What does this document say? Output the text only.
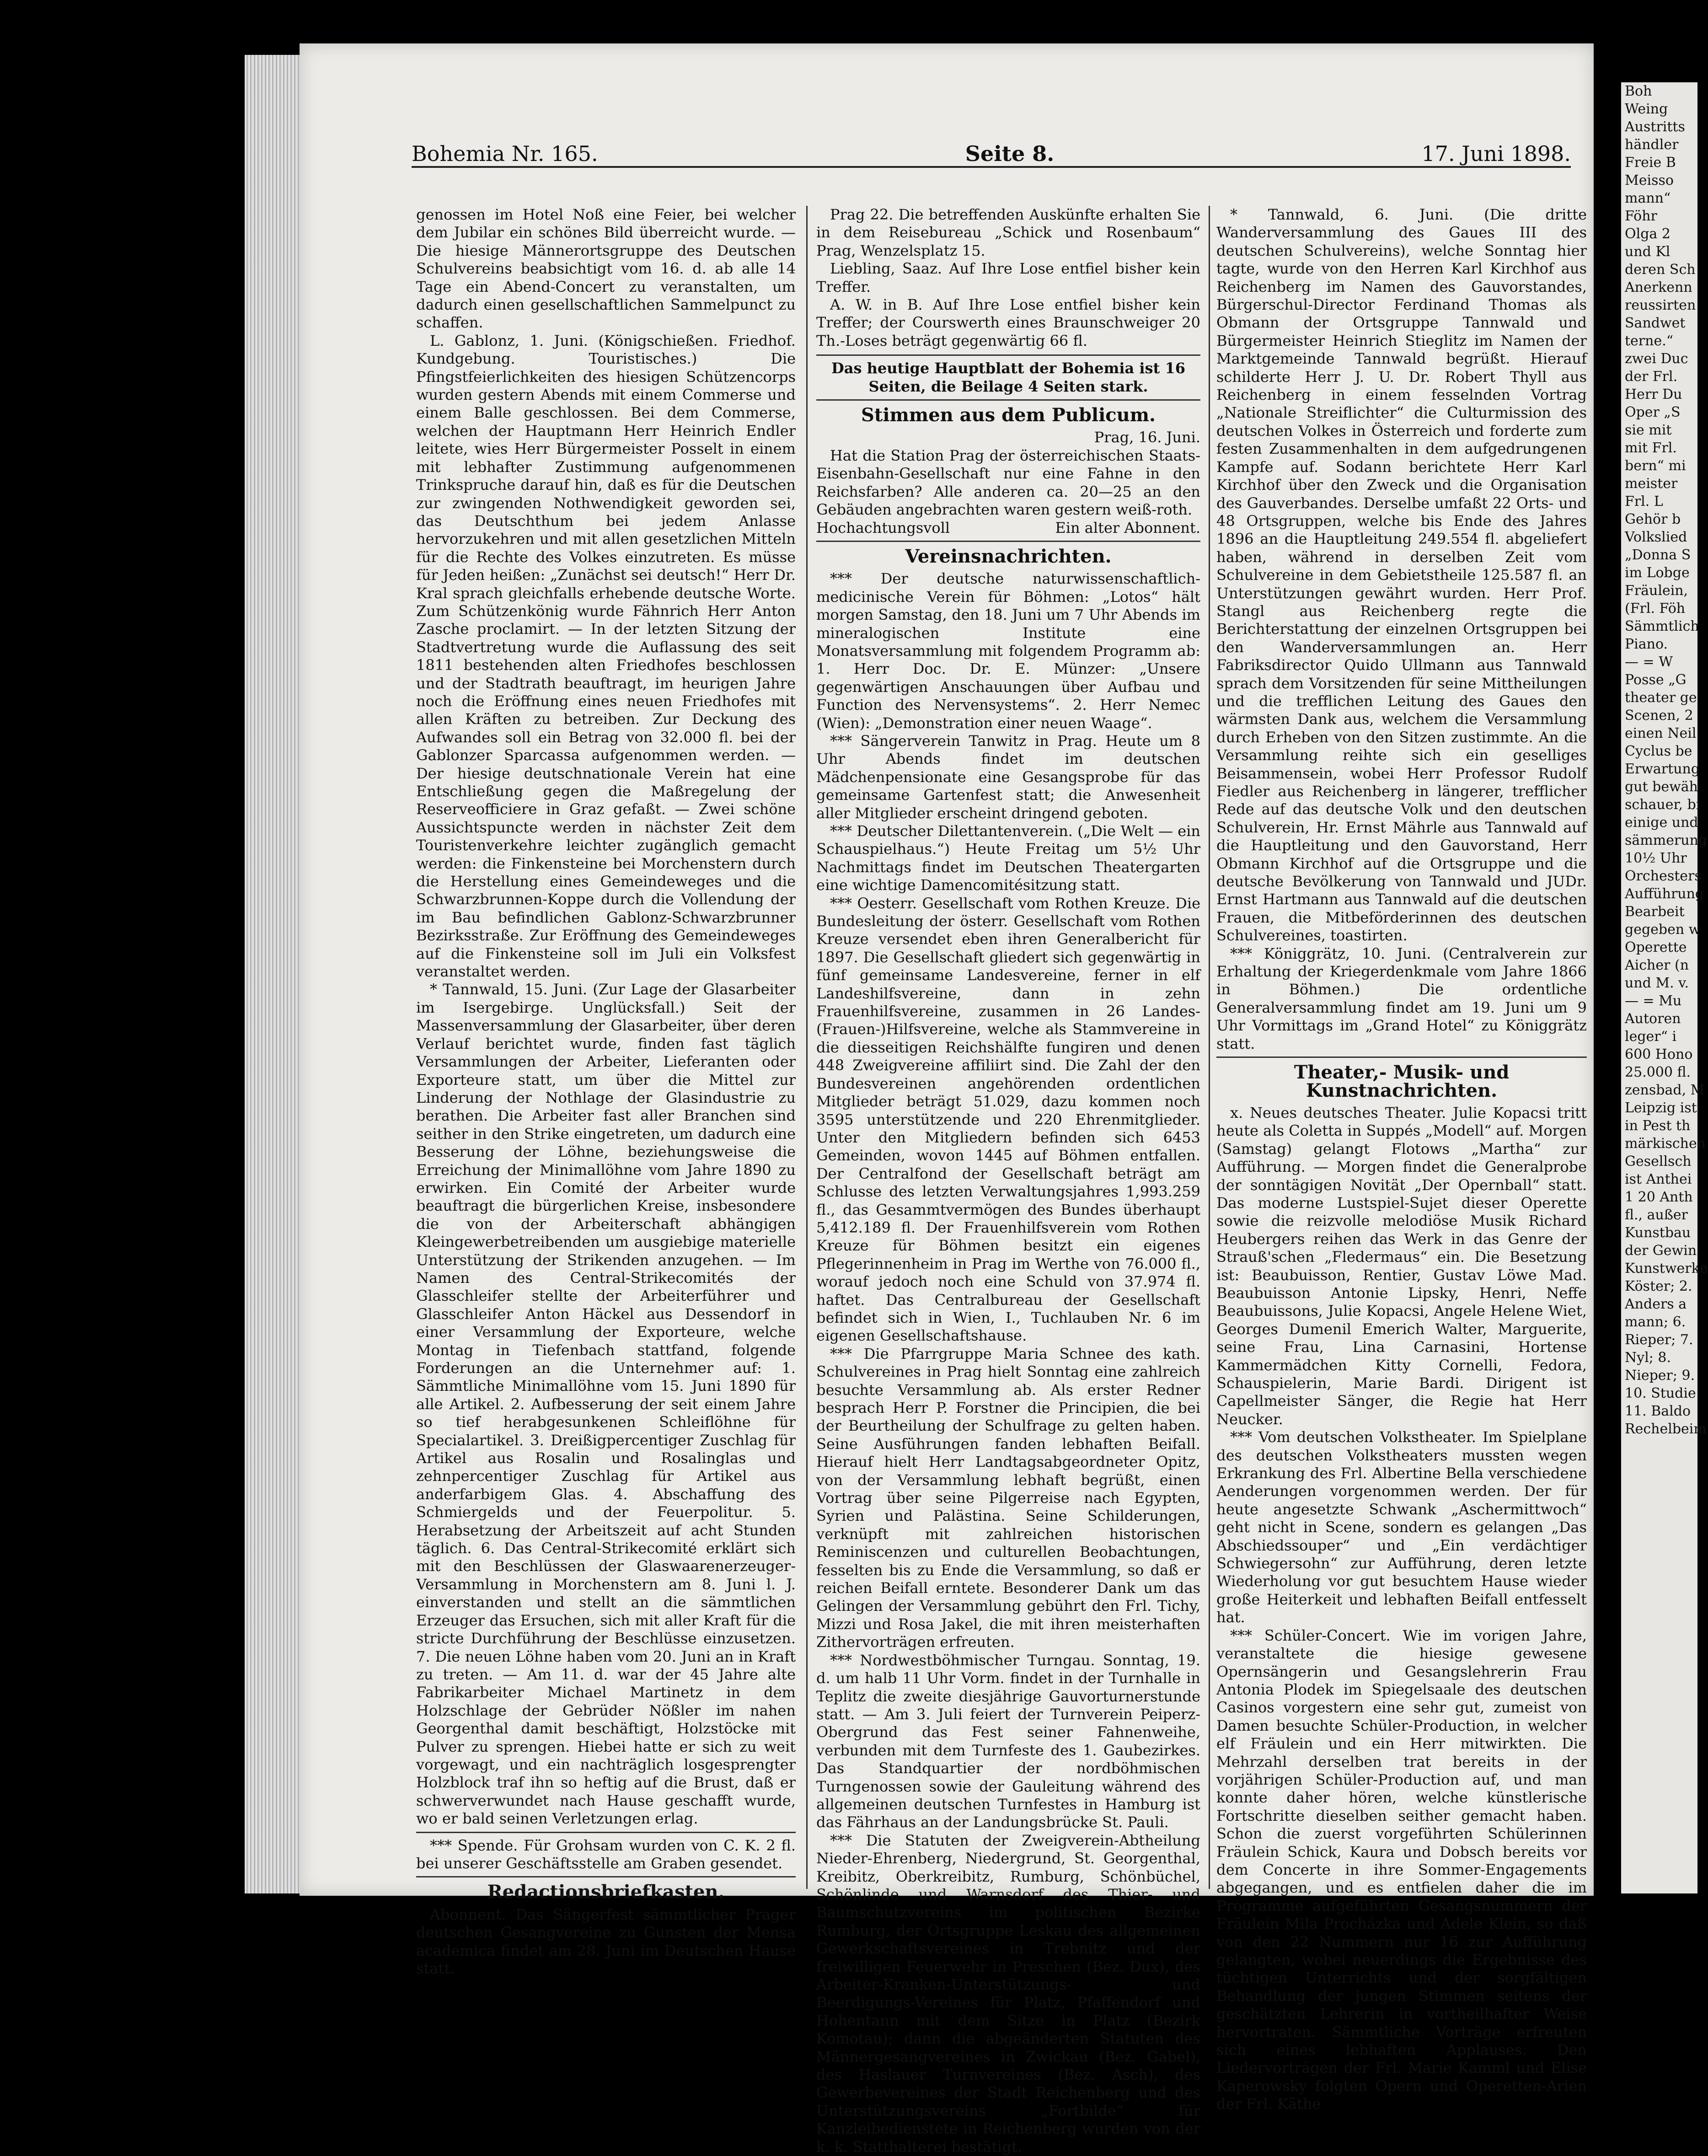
Bohemia Nr. 165.	Seite 8.	17. Juni 1898.

genossen im Hotel Noß eine Feier, bei welcher dem Jubilar ein schönes Bild überreicht wurde. — Die hiesige Männerortsgruppe des Deutschen Schulvereins beabsichtigt vom 16. d. ab alle 14 Tage ein Abend-Concert zu veranstalten, um dadurch einen gesellschaftlichen Sammelpunct zu schaffen.

L. Gablonz, 1. Juni. (Königschießen. Friedhof. Kundgebung. Touristisches.) Die Pfingstfeierlichkeiten des hiesigen Schützencorps wurden gestern Abends mit einem Commerse und einem Balle geschlossen. Bei dem Commerse, welchen der Hauptmann Herr Heinrich Endler leitete, wies Herr Bürgermeister Posselt in einem mit lebhafter Zustimmung aufgenommenen Trinkspruche darauf hin, daß es für die Deutschen zur zwingenden Nothwendigkeit geworden sei, das Deutschthum bei jedem Anlasse hervorzukehren und mit allen gesetzlichen Mitteln für die Rechte des Volkes einzutreten. Es müsse für Jeden heißen: „Zunächst sei deutsch!“ Herr Dr. Kral sprach gleichfalls erhebende deutsche Worte. Zum Schützenkönig wurde Fähnrich Herr Anton Zasche proclamirt. — In der letzten Sitzung der Stadtvertretung wurde die Auflassung des seit 1811 bestehenden alten Friedhofes beschlossen und der Stadtrath beauftragt, im heurigen Jahre noch die Eröffnung eines neuen Friedhofes mit allen Kräften zu betreiben. Zur Deckung des Aufwandes soll ein Betrag von 32.000 fl. bei der Gablonzer Sparcassa aufgenommen werden. — Der hiesige deutschnationale Verein hat eine Entschließung gegen die Maßregelung der Reserveofficiere in Graz gefaßt. — Zwei schöne Aussichtspuncte werden in nächster Zeit dem Touristenverkehre leichter zugänglich gemacht werden: die Finkensteine bei Morchenstern durch die Herstellung eines Gemeindeweges und die Schwarzbrunnen-Koppe durch die Vollendung der im Bau befindlichen Gablonz-Schwarzbrunner Bezirksstraße. Zur Eröffnung des Gemeindeweges auf die Finkensteine soll im Juli ein Volksfest veranstaltet werden.

* Tannwald, 15. Juni. (Zur Lage der Glasarbeiter im Isergebirge. Unglücksfall.) Seit der Massenversammlung der Glasarbeiter, über deren Verlauf berichtet wurde, finden fast täglich Versammlungen der Arbeiter, Lieferanten oder Exporteure statt, um über die Mittel zur Linderung der Nothlage der Glasindustrie zu berathen. Die Arbeiter fast aller Branchen sind seither in den Strike eingetreten, um dadurch eine Besserung der Löhne, beziehungsweise die Erreichung der Minimallöhne vom Jahre 1890 zu erwirken. Ein Comité der Arbeiter wurde beauftragt die bürgerlichen Kreise, insbesondere die von der Arbeiterschaft abhängigen Kleingewerbetreibenden um ausgiebige materielle Unterstützung der Strikenden anzugehen. — Im Namen des Central-Strikecomités der Glasschleifer stellte der Arbeiterführer und Glasschleifer Anton Häckel aus Dessendorf in einer Versammlung der Exporteure, welche Montag in Tiefenbach stattfand, folgende Forderungen an die Unternehmer auf: 1. Sämmtliche Minimallöhne vom 15. Juni 1890 für alle Artikel. 2. Aufbesserung der seit einem Jahre so tief herabgesunkenen Schleiflöhne für Specialartikel. 3. Dreißigpercentiger Zuschlag für Artikel aus Rosalin und Rosalinglas und zehnpercentiger Zuschlag für Artikel aus anderfarbigem Glas. 4. Abschaffung des Schmiergelds und der Feuerpolitur. 5. Herabsetzung der Arbeitszeit auf acht Stunden täglich. 6. Das Central-Strikecomité erklärt sich mit den Beschlüssen der Glaswaarenerzeuger-Versammlung in Morchenstern am 8. Juni l. J. einverstanden und stellt an die sämmtlichen Erzeuger das Ersuchen, sich mit aller Kraft für die stricte Durchführung der Beschlüsse einzusetzen. 7. Die neuen Löhne haben vom 20. Juni an in Kraft zu treten. — Am 11. d. war der 45 Jahre alte Fabrikarbeiter Michael Martinetz in dem Holzschlage der Gebrüder Nößler im nahen Georgenthal damit beschäftigt, Holzstöcke mit Pulver zu sprengen. Hiebei hatte er sich zu weit vorgewagt, und ein nachträglich losgesprengter Holzblock traf ihn so heftig auf die Brust, daß er schwerverwundet nach Hause geschafft wurde, wo er bald seinen Verletzungen erlag.

*** Spende. Für Grohsam wurden von C. K. 2 fl. bei unserer Geschäftsstelle am Graben gesendet.

Redactionsbriefkasten.

Abonnent. Das Sängerfest sämmtlicher Prager deutschen Gesangvereine zu Gunsten der Mensa academica findet am 28. Juni im Deutschen Hause statt.

Prag 22. Die betreffenden Auskünfte erhalten Sie in dem Reisebureau „Schick und Rosenbaum“ Prag, Wenzelsplatz 15.

Liebling, Saaz. Auf Ihre Lose entfiel bisher kein Treffer.

A. W. in B. Auf Ihre Lose entfiel bisher kein Treffer; der Courswerth eines Braunschweiger 20 Th.-Loses beträgt gegenwärtig 66 fl.

Das heutige Hauptblatt der Bohemia ist 16 Seiten, die Beilage 4 Seiten stark.
Stimmen aus dem Publicum.
Prag, 16. Juni.

Hat die Station Prag der österreichischen Staats-Eisenbahn-Gesellschaft nur eine Fahne in den Reichsfarben? Alle anderen ca. 20—25 an den Gebäuden angebrachten waren gestern weiß-roth.

Hochachtungsvoll	Ein alter Abonnent.
Vereinsnachrichten.

*** Der deutsche naturwissenschaftlich-medicinische Verein für Böhmen: „Lotos“ hält morgen Samstag, den 18. Juni um 7 Uhr Abends im mineralogischen Institute eine Monatsversammlung mit folgendem Programm ab: 1. Herr Doc. Dr. E. Münzer: „Unsere gegenwärtigen Anschauungen über Aufbau und Function des Nervensystems“. 2. Herr Nemec (Wien): „Demonstration einer neuen Waage“.

*** Sängerverein Tanwitz in Prag. Heute um 8 Uhr Abends findet im deutschen Mädchenpensionate eine Gesangsprobe für das gemeinsame Gartenfest statt; die Anwesenheit aller Mitglieder erscheint dringend geboten.

*** Deutscher Dilettantenverein. („Die Welt — ein Schauspielhaus.“) Heute Freitag um 5½ Uhr Nachmittags findet im Deutschen Theatergarten eine wichtige Damencomitésitzung statt.

*** Oesterr. Gesellschaft vom Rothen Kreuze. Die Bundesleitung der österr. Gesellschaft vom Rothen Kreuze versendet eben ihren Generalbericht für 1897. Die Gesellschaft gliedert sich gegenwärtig in fünf gemeinsame Landesvereine, ferner in elf Landeshilfsvereine, dann in zehn Frauenhilfsvereine, zusammen in 26 Landes-(Frauen-)Hilfsvereine, welche als Stammvereine in die diesseitigen Reichshälfte fungiren und denen 448 Zweigvereine affiliirt sind. Die Zahl der den Bundesvereinen angehörenden ordentlichen Mitglieder beträgt 51.029, dazu kommen noch 3595 unterstützende und 220 Ehrenmitglieder. Unter den Mitgliedern befinden sich 6453 Gemeinden, wovon 1445 auf Böhmen entfallen. Der Centralfond der Gesellschaft beträgt am Schlusse des letzten Verwaltungsjahres 1,993.259 fl., das Gesammtvermögen des Bundes überhaupt 5,412.189 fl. Der Frauenhilfsverein vom Rothen Kreuze für Böhmen besitzt ein eigenes Pflegerinnenheim in Prag im Werthe von 76.000 fl., worauf jedoch noch eine Schuld von 37.974 fl. haftet. Das Centralbureau der Gesellschaft befindet sich in Wien, I., Tuchlauben Nr. 6 im eigenen Gesellschaftshause.

*** Die Pfarrgruppe Maria Schnee des kath. Schulvereines in Prag hielt Sonntag eine zahlreich besuchte Versammlung ab. Als erster Redner besprach Herr P. Forstner die Principien, die bei der Beurtheilung der Schulfrage zu gelten haben. Seine Ausführungen fanden lebhaften Beifall. Hierauf hielt Herr Landtagsabgeordneter Opitz, von der Versammlung lebhaft begrüßt, einen Vortrag über seine Pilgerreise nach Egypten, Syrien und Palästina. Seine Schilderungen, verknüpft mit zahlreichen historischen Reminiscenzen und culturellen Beobachtungen, fesselten bis zu Ende die Versammlung, so daß er reichen Beifall erntete. Besonderer Dank um das Gelingen der Versammlung gebührt den Frl. Tichy, Mizzi und Rosa Jakel, die mit ihren meisterhaften Zithervorträgen erfreuten.

*** Nordwestböhmischer Turngau. Sonntag, 19. d. um halb 11 Uhr Vorm. findet in der Turnhalle in Teplitz die zweite diesjährige Gauvorturnerstunde statt. — Am 3. Juli feiert der Turnverein Peiperz-Obergrund das Fest seiner Fahnenweihe, verbunden mit dem Turnfeste des 1. Gaubezirkes. Das Standquartier der nordböhmischen Turngenossen sowie der Gauleitung während des allgemeinen deutschen Turnfestes in Hamburg ist das Fährhaus an der Landungsbrücke St. Pauli.

*** Die Statuten der Zweigverein-Abtheilung Nieder-Ehrenberg, Niedergrund, St. Georgenthal, Kreibitz, Oberkreibitz, Rumburg, Schönbüchel, Schönlinde und Warnsdorf des Thier- und Baumschutzvereins im politischen Bezirke Rumburg, der Ortsgruppe Leskau des allgemeinen Gewerkschaftsvereines in Trebnitz und der freiwilligen Feuerwehr in Preschen (Bez. Dux), des Arbeiter-Kranken-Unterstützungs- und Beerdigungs-Vereines für Platz, Pfaffendorf und Hohentann mit dem Sitze in Platz (Bezirk Komotau); dann die abgeänderten Statuten des Männergesangvereines in Zwickau (Bez. Gabel), des Haslauer Turnvereines (Bez. Asch), des Gewerbevereines der Stadt Reichenberg und des Unterstützungsvereins „Fortbilde“ für Kanzleibedienstete in Reichenberg wurden von der k. k. Statthalterei bestätigt.

* Tannwald, 6. Juni. (Die dritte Wanderversammlung des Gaues III des deutschen Schulvereins), welche Sonntag hier tagte, wurde von den Herren Karl Kirchhof aus Reichenberg im Namen des Gauvorstandes, Bürgerschul-Director Ferdinand Thomas als Obmann der Ortsgruppe Tannwald und Bürgermeister Heinrich Stieglitz im Namen der Marktgemeinde Tannwald begrüßt. Hierauf schilderte Herr J. U. Dr. Robert Thyll aus Reichenberg in einem fesselnden Vortrag „Nationale Streiflichter“ die Culturmission des deutschen Volkes in Österreich und forderte zum festen Zusammenhalten in dem aufgedrungenen Kampfe auf. Sodann berichtete Herr Karl Kirchhof über den Zweck und die Organisation des Gauverbandes. Derselbe umfaßt 22 Orts- und 48 Ortsgruppen, welche bis Ende des Jahres 1896 an die Hauptleitung 249.554 fl. abgeliefert haben, während in derselben Zeit vom Schulvereine in dem Gebietstheile 125.587 fl. an Unterstützungen gewährt wurden. Herr Prof. Stangl aus Reichenberg regte die Berichterstattung der einzelnen Ortsgruppen bei den Wanderversammlungen an. Herr Fabriksdirector Quido Ullmann aus Tannwald sprach dem Vorsitzenden für seine Mittheilungen und die trefflichen Leitung des Gaues den wärmsten Dank aus, welchem die Versammlung durch Erheben von den Sitzen zustimmte. An die Versammlung reihte sich ein geselliges Beisammensein, wobei Herr Professor Rudolf Fiedler aus Reichenberg in längerer, trefflicher Rede auf das deutsche Volk und den deutschen Schulverein, Hr. Ernst Mährle aus Tannwald auf die Hauptleitung und den Gauvorstand, Herr Obmann Kirchhof auf die Ortsgruppe und die deutsche Bevölkerung von Tannwald und JUDr. Ernst Hartmann aus Tannwald auf die deutschen Frauen, die Mitbeförderinnen des deutschen Schulvereines, toastirten.

*** Königgrätz, 10. Juni. (Centralverein zur Erhaltung der Kriegerdenkmale vom Jahre 1866 in Böhmen.) Die ordentliche Generalversammlung findet am 19. Juni um 9 Uhr Vormittags im „Grand Hotel“ zu Königgrätz statt.

Theater,- Musik- und Kunstnachrichten.

x. Neues deutsches Theater. Julie Kopacsi tritt heute als Coletta in Suppés „Modell“ auf. Morgen (Samstag) gelangt Flotows „Martha“ zur Aufführung. — Morgen findet die Generalprobe der sonntägigen Novität „Der Opernball“ statt. Das moderne Lustspiel-Sujet dieser Operette sowie die reizvolle melodiöse Musik Richard Heubergers reihen das Werk in das Genre der Strauß'schen „Fledermaus“ ein. Die Besetzung ist: Beaubuisson, Rentier, Gustav Löwe Mad. Beaubuisson Antonie Lipsky, Henri, Neffe Beaubuissons, Julie Kopacsi, Angele Helene Wiet, Georges Dumenil Emerich Walter, Marguerite, seine Frau, Lina Carnasini, Hortense Kammermädchen Kitty Cornelli, Fedora, Schauspielerin, Marie Bardi. Dirigent ist Capellmeister Sänger, die Regie hat Herr Neucker.

*** Vom deutschen Volkstheater. Im Spielplane des deutschen Volkstheaters mussten wegen Erkrankung des Frl. Albertine Bella verschiedene Aenderungen vorgenommen werden. Der für heute angesetzte Schwank „Aschermittwoch“ geht nicht in Scene, sondern es gelangen „Das Abschiedssouper“ und „Ein verdächtiger Schwiegersohn“ zur Aufführung, deren letzte Wiederholung vor gut besuchtem Hause wieder große Heiterkeit und lebhaften Beifall entfesselt hat.

*** Schüler-Concert. Wie im vorigen Jahre, veranstaltete die hiesige gewesene Opernsängerin und Gesangslehrerin Frau Antonia Plodek im Spiegelsaale des deutschen Casinos vorgestern eine sehr gut, zumeist von Damen besuchte Schüler-Production, in welcher elf Fräulein und ein Herr mitwirkten. Die Mehrzahl derselben trat bereits in der vorjährigen Schüler-Production auf, und man konnte daher hören, welche künstlerische Fortschritte dieselben seither gemacht haben. Schon die zuerst vorgeführten Schülerinnen Fräulein Schick, Kaura und Dobsch bereits vor dem Concerte in ihre Sommer-Engagements abgegangen, und es entfielen daher die im Programme aufgeführten Gesangsnummern der Fräulein Mila Procházka und Adele Klein, so daß von den 22 Nummern nur 16 zur Aufführung gelangten, wobei neuerdings die Ergebnisse des tüchtigen Unterrichts und der sorgfältigen Behandlung der jungen Stimmen seitens der geschätzten Lehrerin in vortheilhafter Weise hervortraten. Sämmtliche Vorträge erfreuten sich eines lebhaften Applauses. Den Liedervorträgen der Frl. Marie Kamml und Elise Kaperowsky folgten Opern und Operetten-Arien der Frl. Käthe

Boh
Weing
Austritts
händler
Freie B
Meisso
mann“
Föhr
Olga 2
und Kl
deren Sch
Anerkenn
reussirten
Sandwet
terne.“
zwei Duc
der Frl.
Herr Du
Oper „S
sie mit
mit Frl.
bern“ mi
meister
Frl. L
Gehör b
Volkslied
„Donna S
im Lobge
Fräulein,
(Frl. Föh
Sämmtlich
Piano.
— = W
Posse „G
theater ge
Scenen, 2
einen Neil
Cyclus be
Erwartung
gut bewäh
schauer, bi
einige und
sämmerung
10½ Uhr
Orchesters
Aufführung
Bearbeit
gegeben w
Operette
Aicher (n
und M. v.
— = Mu
Autoren
leger“ i
600 Hono
25.000 fl.
zensbad, M
Leipzig ist
in Pest th
märkischen
Gesellsch
ist Anthei
1 20 Anth
fl., außer
Kunstbau
der Gewin
Kunstwerke
Köster; 2.
Anders a
mann; 6.
Rieper; 7.
Nyl; 8.
Nieper; 9.
10. Studie
11. Baldo
Rechelbeim
